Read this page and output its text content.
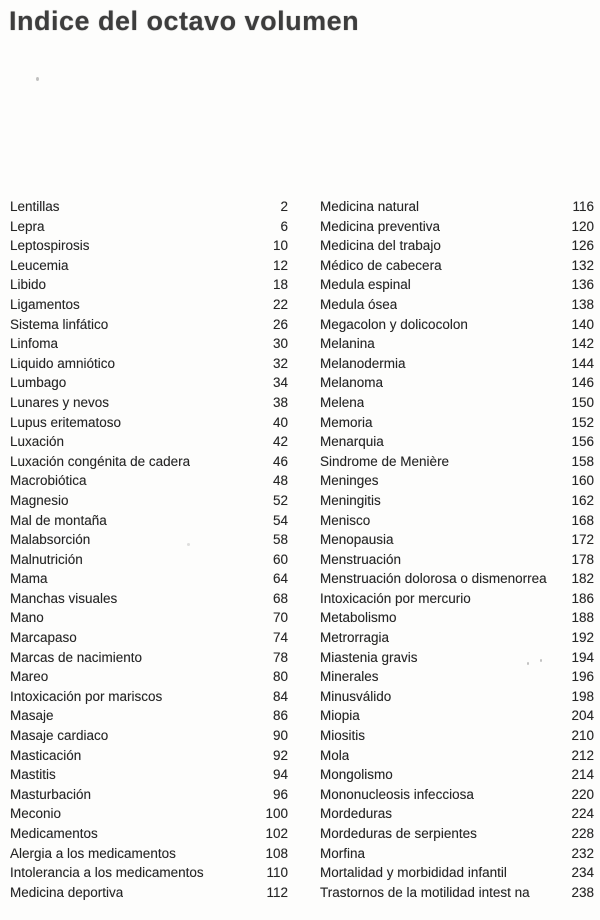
Indice del octavo volumen
Lentillas	2
Lepra	6
Leptospirosis	10
Leucemia	12
Libido	18
Ligamentos	22
Sistema linfático	26
Linfoma	30
Liquido amniótico	32
Lumbago	34
Lunares y nevos	38
Lupus eritematoso	40
Luxación	42
Luxación congénita de cadera	46
Macrobiótica	48
Magnesio	52
Mal de montaña	54
Malabsorción	58
Malnutrición	60
Mama	64
Manchas visuales	68
Mano	70
Marcapaso	74
Marcas de nacimiento	78
Mareo	80
Intoxicación por mariscos	84
Masaje	86
Masaje cardiaco	90
Masticación	92
Mastitis	94
Masturbación	96
Meconio	100
Medicamentos	102
Alergia a los medicamentos	108
Intolerancia a los medicamentos	110
Medicina deportiva	112
Medicina natural	116
Medicina preventiva	120
Medicina del trabajo	126
Médico de cabecera	132
Medula espinal	136
Medula ósea	138
Megacolon y dolicocolon	140
Melanina	142
Melanodermia	144
Melanoma	146
Melena	150
Memoria	152
Menarquia	156
Sindrome de Menière	158
Meninges	160
Meningitis	162
Menisco	168
Menopausia	172
Menstruación	178
Menstruación dolorosa o dismenorrea	182
Intoxicación por mercurio	186
Metabolismo	188
Metrorragia	192
Miastenia gravis	194
Minerales	196
Minusválido	198
Miopia	204
Miositis	210
Mola	212
Mongolismo	214
Mononucleosis infecciosa	220
Mordeduras	224
Mordeduras de serpientes	228
Morfina	232
Mortalidad y morbididad infantil	234
Trastornos de la motilidad intest na	238
